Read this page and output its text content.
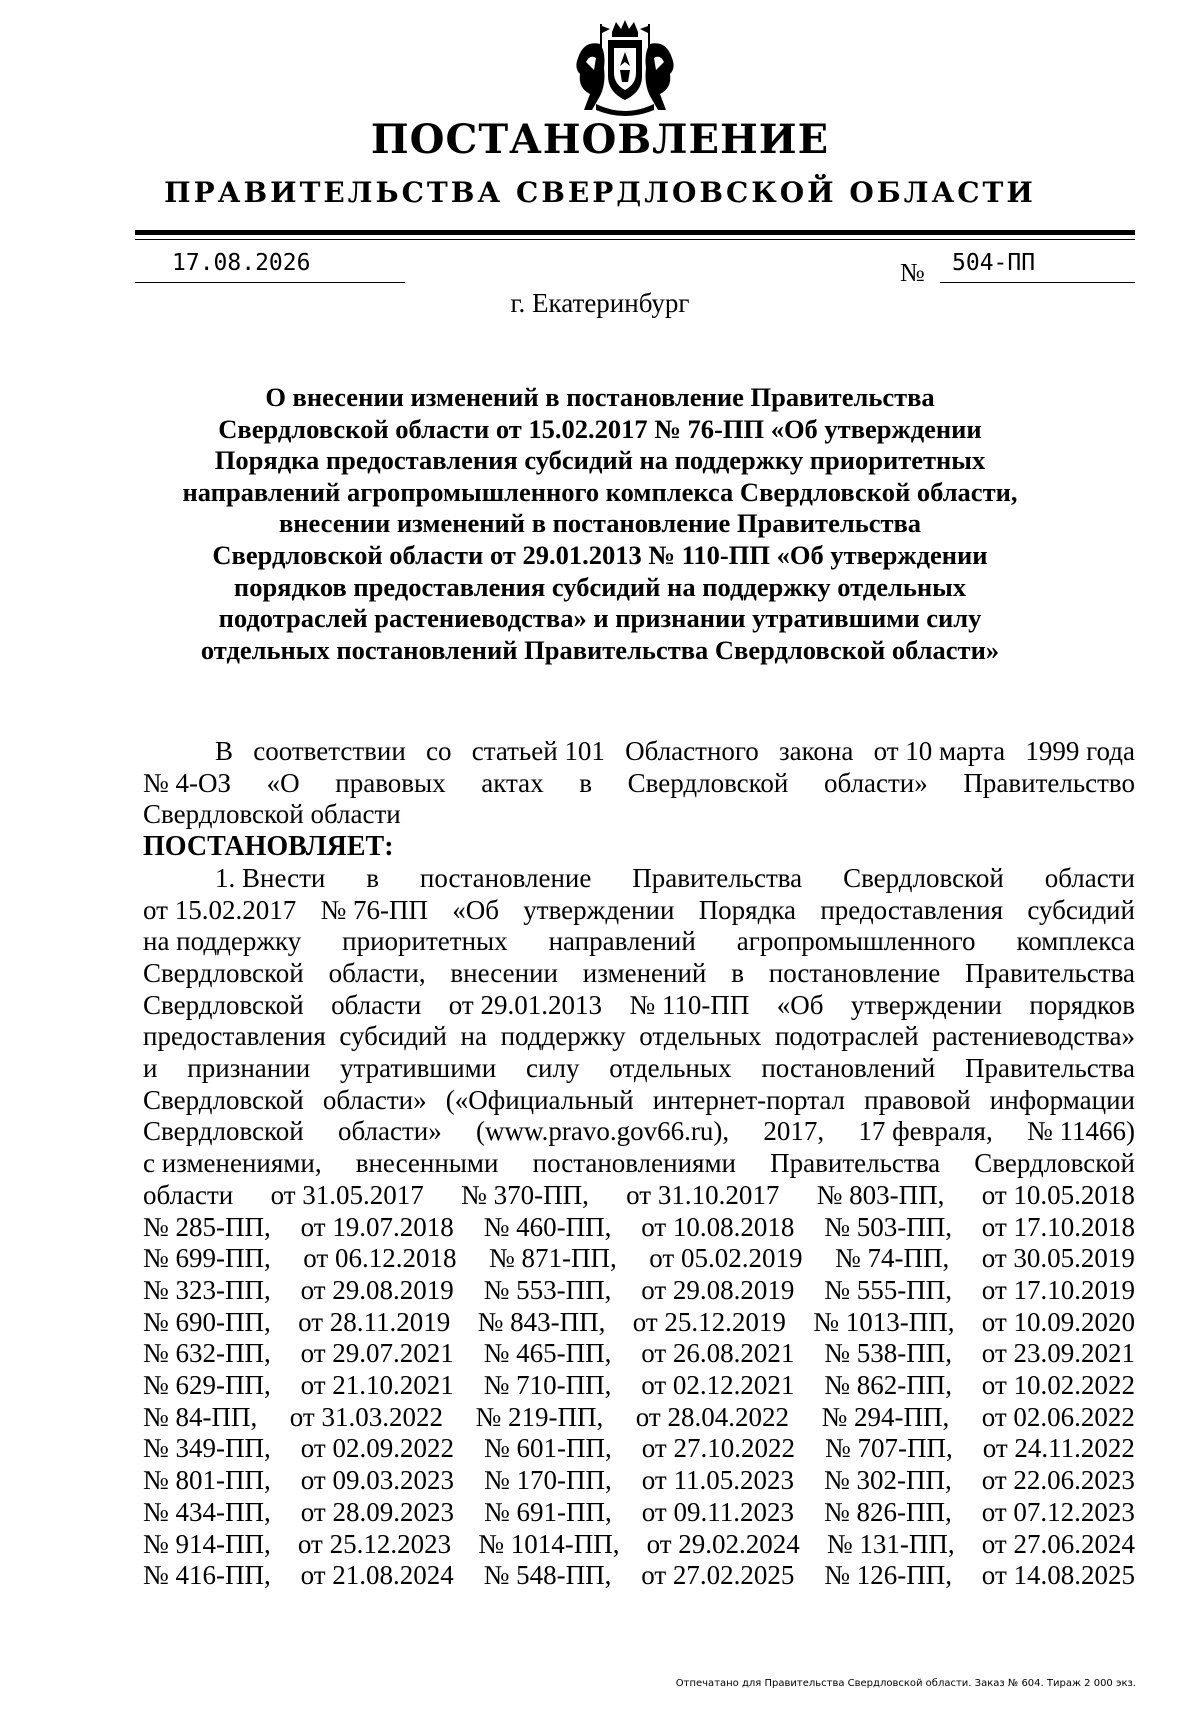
ПОСТАНОВЛЕНИЕ
ПРАВИТЕЛЬСТВА СВЕРДЛОВСКОЙ ОБЛАСТИ
17.08.2026	№ 504-ПП
г. Екатеринбург
О внесении изменений в постановление Правительства
Свердловской области от 15.02.2017 № 76-ПП «Об утверждении
Порядка предоставления субсидий на поддержку приоритетных
направлений агропромышленного комплекса Свердловской области,
внесении изменений в постановление Правительства
Свердловской области от 29.01.2013 № 110-ПП «Об утверждении
порядков предоставления субсидий на поддержку отдельных
подотраслей растениеводства» и признании утратившими силу
отдельных постановлений Правительства Свердловской области»
В соответствии со статьей 101 Областного закона от 10 марта 1999 года
№ 4-ОЗ «О правовых актах в Свердловской области» Правительство
Свердловской области
ПОСТАНОВЛЯЕТ:
1. Внести в постановление Правительства Свердловской области
от 15.02.2017 № 76-ПП «Об утверждении Порядка предоставления субсидий
на поддержку приоритетных направлений агропромышленного комплекса
Свердловской области, внесении изменений в постановление Правительства
Свердловской области от 29.01.2013 № 110-ПП «Об утверждении порядков
предоставления субсидий на поддержку отдельных подотраслей растениеводства»
и признании утратившими силу отдельных постановлений Правительства
Свердловской области» («Официальный интернет-портал правовой информации
Свердловской области» (www.pravo.gov66.ru), 2017, 17 февраля, № 11466)
с изменениями, внесенными постановлениями Правительства Свердловской
области от 31.05.2017 № 370-ПП, от 31.10.2017 № 803-ПП, от 10.05.2018
№ 285-ПП, от 19.07.2018 № 460-ПП, от 10.08.2018 № 503-ПП, от 17.10.2018
№ 699-ПП, от 06.12.2018 № 871-ПП, от 05.02.2019 № 74-ПП, от 30.05.2019
№ 323-ПП, от 29.08.2019 № 553-ПП, от 29.08.2019 № 555-ПП, от 17.10.2019
№ 690-ПП, от 28.11.2019 № 843-ПП, от 25.12.2019 № 1013-ПП, от 10.09.2020
№ 632-ПП, от 29.07.2021 № 465-ПП, от 26.08.2021 № 538-ПП, от 23.09.2021
№ 629-ПП, от 21.10.2021 № 710-ПП, от 02.12.2021 № 862-ПП, от 10.02.2022
№ 84-ПП, от 31.03.2022 № 219-ПП, от 28.04.2022 № 294-ПП, от 02.06.2022
№ 349-ПП, от 02.09.2022 № 601-ПП, от 27.10.2022 № 707-ПП, от 24.11.2022
№ 801-ПП, от 09.03.2023 № 170-ПП, от 11.05.2023 № 302-ПП, от 22.06.2023
№ 434-ПП, от 28.09.2023 № 691-ПП, от 09.11.2023 № 826-ПП, от 07.12.2023
№ 914-ПП, от 25.12.2023 № 1014-ПП, от 29.02.2024 № 131-ПП, от 27.06.2024
№ 416-ПП, от 21.08.2024 № 548-ПП, от 27.02.2025 № 126-ПП, от 14.08.2025
Отпечатано для Правительства Свердловской области. Заказ № 604. Тираж 2 000 экз.
